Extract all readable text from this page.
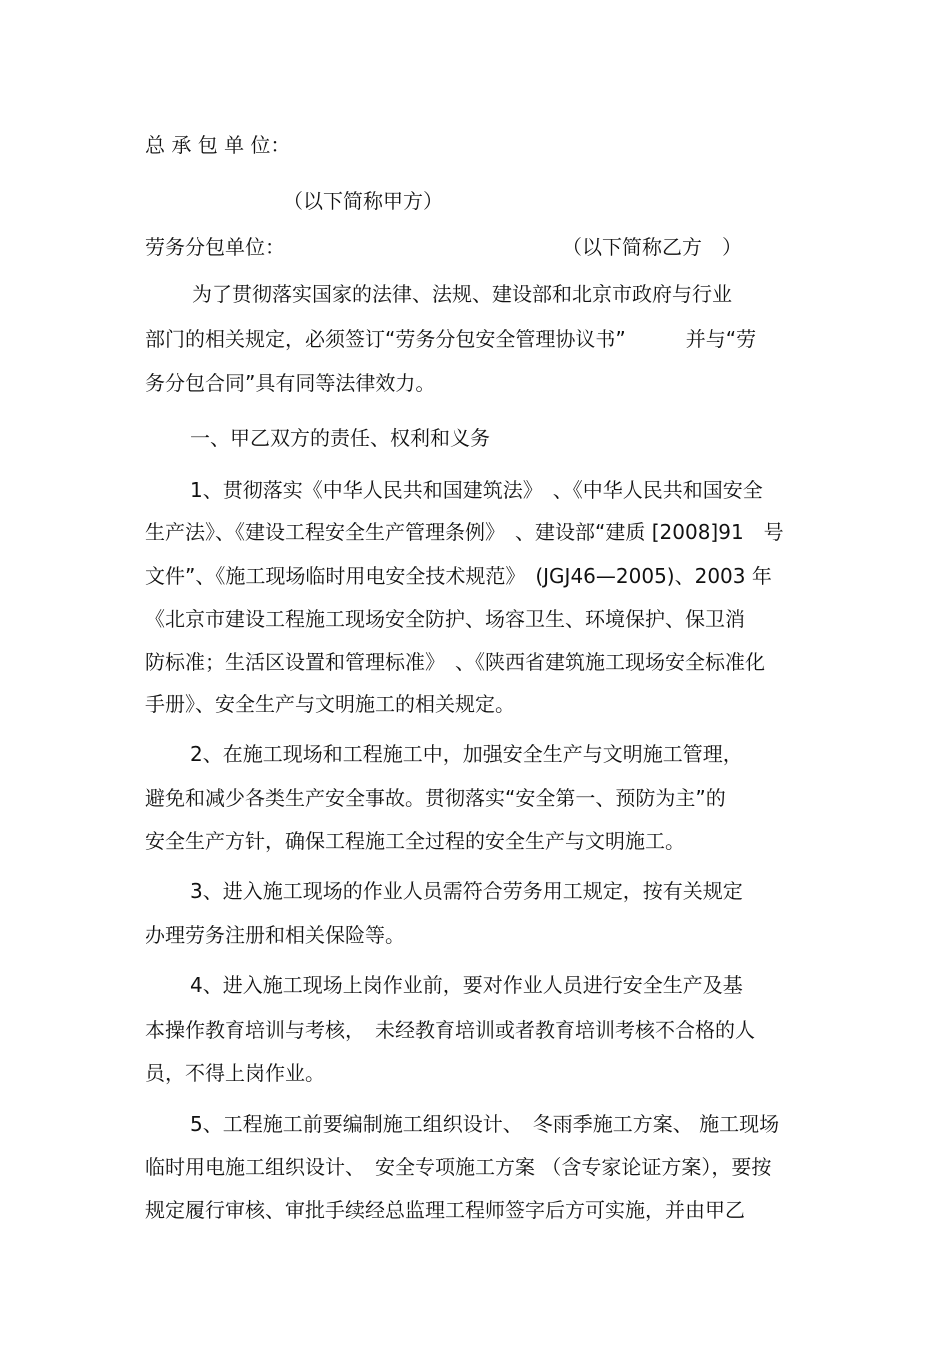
总 承 包 单 位：
（以下简称甲方）
劳务分包单位：	（以下简称乙方　）
为了贯彻落实国家的法律、法规、建设部和北京市政府与行业
部门的相关规定，必须签订“劳务分包安全管理协议书”　　　并与“劳
务分包合同”具有同等法律效力。
一、甲乙双方的责任、权利和义务
1、贯彻落实《中华人民共和国建筑法》　、《中华人民共和国安全
生产法》、《建设工程安全生产管理条例》　、建设部“建质 [2008]91　号
文件”、《施工现场临时用电安全技术规范》　(JGJ46—2005)、2003 年
《北京市建设工程施工现场安全防护、场容卫生、环境保护、保卫消
防标准；生活区设置和管理标准》　、《陕西省建筑施工现场安全标准化
手册》、安全生产与文明施工的相关规定。
2、在施工现场和工程施工中，加强安全生产与文明施工管理，
避免和减少各类生产安全事故。贯彻落实“安全第一、预防为主”的
安全生产方针，确保工程施工全过程的安全生产与文明施工。
3、进入施工现场的作业人员需符合劳务用工规定，按有关规定
办理劳务注册和相关保险等。
4、进入施工现场上岗作业前，要对作业人员进行安全生产及基
本操作教育培训与考核，　未经教育培训或者教育培训考核不合格的人
员，不得上岗作业。
5、工程施工前要编制施工组织设计、　冬雨季施工方案、 施工现场
临时用电施工组织设计、　安全专项施工方案 （含专家论证方案），要按
规定履行审核、审批手续经总监理工程师签字后方可实施，并由甲乙
